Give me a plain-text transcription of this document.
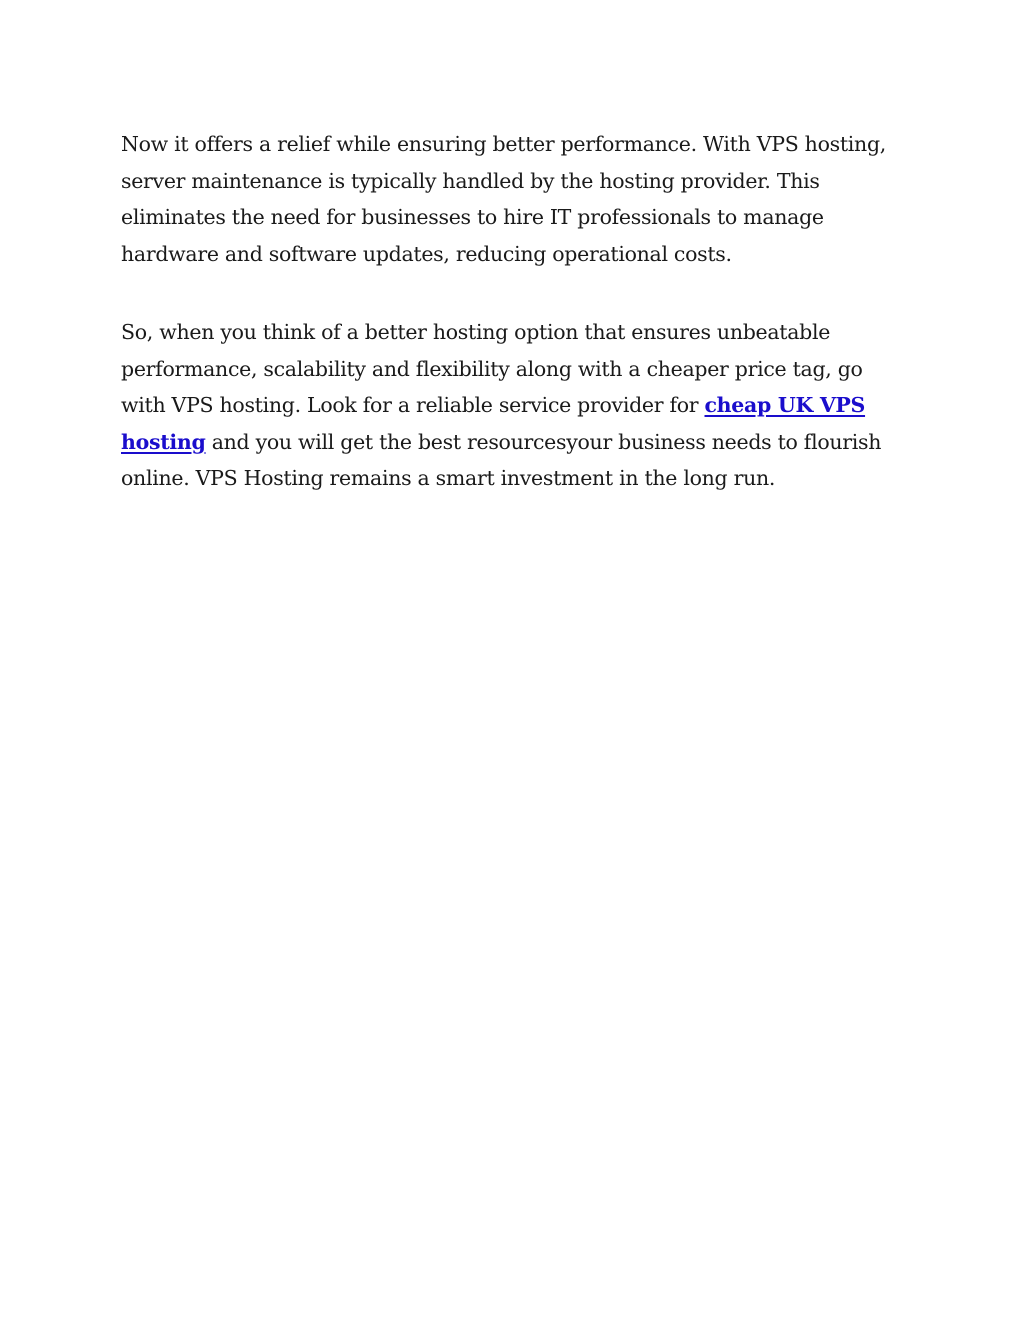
Now it offers a relief while ensuring better performance. With VPS hosting, server maintenance is typically handled by the hosting provider. This eliminates the need for businesses to hire IT professionals to manage hardware and software updates, reducing operational costs.

So, when you think of a better hosting option that ensures unbeatable performance, scalability and flexibility along with a cheaper price tag, go with VPS hosting. Look for a reliable service provider for cheap UK VPS hosting and you will get the best resourcesyour business needs to flourish online. VPS Hosting remains a smart investment in the long run.
